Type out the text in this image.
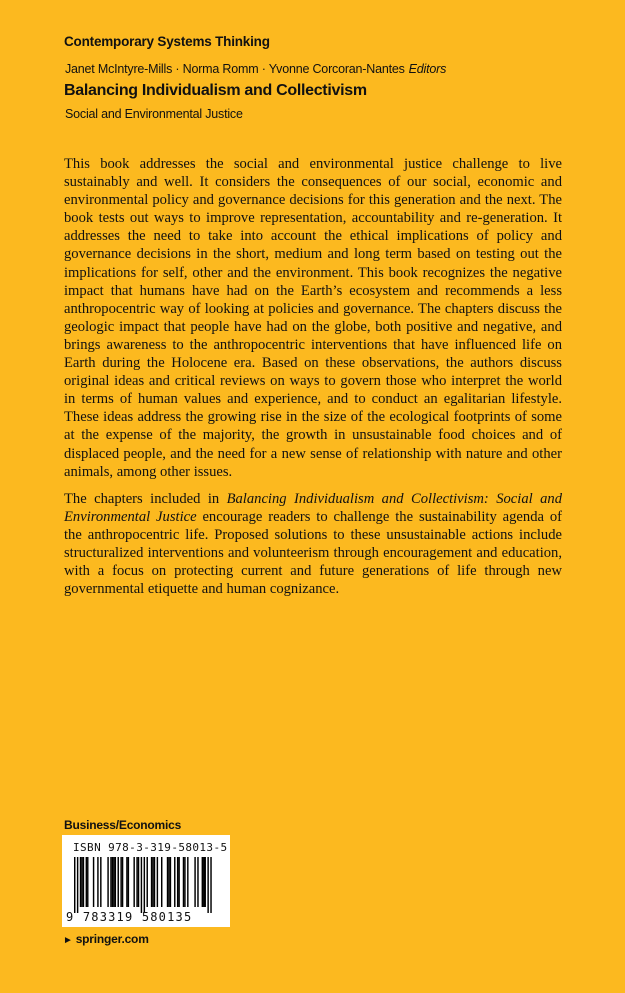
Contemporary Systems Thinking
Janet McIntyre-Mills · Norma Romm · Yvonne Corcoran-Nantes Editors
Balancing Individualism and Collectivism
Social and Environmental Justice

This book addresses the social and environmental justice challenge to live sustainably and well. It considers the consequences of our social, economic and environmental policy and governance decisions for this generation and the next. The book tests out ways to improve representation, accountability and re-generation. It addresses the need to take into account the ethical implications of policy and governance decisions in the short, medium and long term based on testing out the implications for self, other and the environment. This book recognizes the negative impact that humans have had on the Earth’s ecosystem and recommends a less anthropocentric way of looking at policies and governance. The chapters discuss the geologic impact that people have had on the globe, both positive and negative, and brings awareness to the anthropocentric interventions that have influenced life on Earth during the Holocene era. Based on these observations, the authors discuss original ideas and critical reviews on ways to govern those who interpret the world in terms of human values and experience, and to conduct an egalitarian lifestyle. These ideas address the growing rise in the size of the ecological footprints of some at the expense of the majority, the growth in unsustainable food choices and of displaced people, and the need for a new sense of relationship with nature and other animals, among other issues.

The chapters included in Balancing Individualism and Collectivism: Social and Environmental Justice encourage readers to challenge the sustainability agenda of the anthropocentric life. Proposed solutions to these unsustainable actions include structuralized interventions and volunteerism through encouragement and education, with a focus on protecting current and future generations of life through new governmental etiquette and human cognizance.

Business/Economics
ISBN 978-3-319-58013-5
9 783319 580135
► springer.com
